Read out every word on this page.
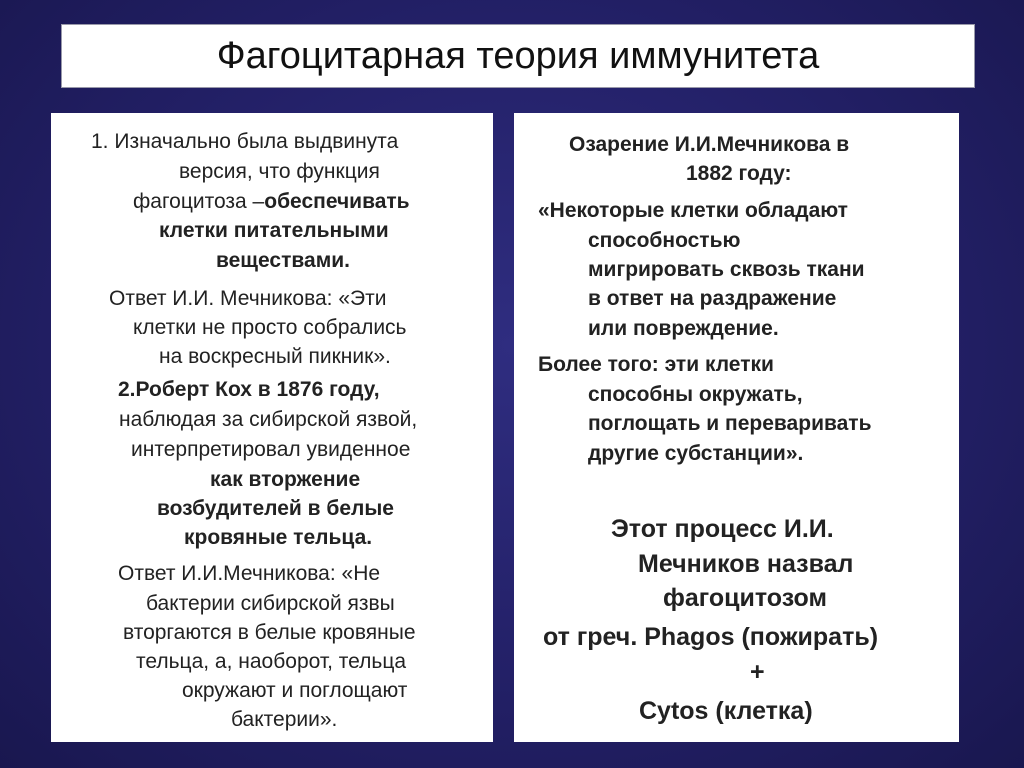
Фагоцитарная теория иммунитета
1. Изначально была выдвинута
версия, что функция
фагоцитоза –обеспечивать
клетки питательными
веществами.
Ответ И.И. Мечникова: «Эти
клетки не просто собрались
на воскресный пикник».
2.Роберт Кох в 1876 году,
наблюдая за сибирской язвой,
интерпретировал увиденное
как вторжение
возбудителей в белые
кровяные тельца.
Ответ И.И.Мечникова: «Не
бактерии сибирской язвы
вторгаются в белые кровяные
тельца, а, наоборот, тельца
окружают и поглощают
бактерии».
Озарение И.И.Мечникова в
1882 году:
«Некоторые клетки обладают
способностью
мигрировать сквозь ткани
в ответ на раздражение
или повреждение.
Более того: эти клетки
способны окружать,
поглощать и переваривать
другие субстанции».
Этот процесс И.И.
Мечников назвал
фагоцитозом
от греч. Phagos (пожирать)
+
Cytos (клетка)
